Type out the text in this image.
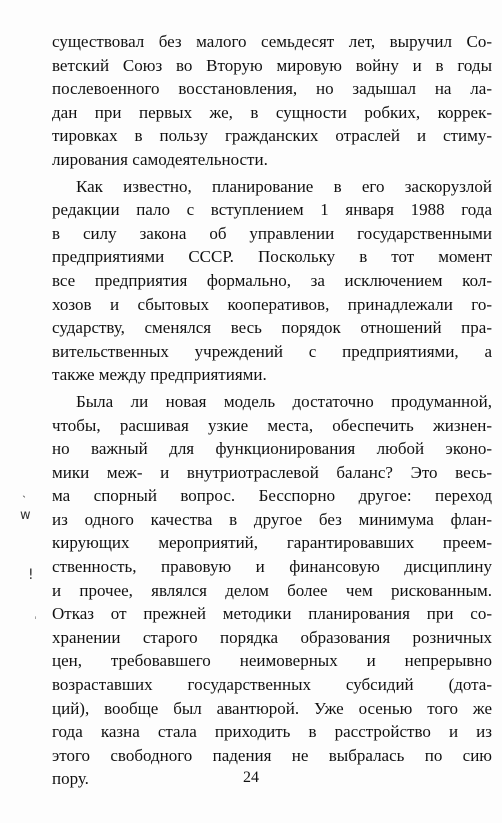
существовал без малого семьдесят лет, выручил Со-
ветский Союз во Вторую мировую войну и в годы
послевоенного восстановления, но задышал на ла-
дан при первых же, в сущности робких, коррек-
тировках в пользу гражданских отраслей и стиму-
лирования самодеятельности.

Как известно, планирование в его заскорузлой
редакции пало с вступлением 1 января 1988 года
в силу закона об управлении государственными
предприятиями СССР. Поскольку в тот момент
все предприятия формально, за исключением кол-
хозов и сбытовых кооперативов, принадлежали го-
сударству, сменялся весь порядок отношений пра-
вительственных учреждений с предприятиями, а
также между предприятиями.

Была ли новая модель достаточно продуманной,
чтобы, расшивая узкие места, обеспечить жизнен-
но важный для функционирования любой эконо-
мики меж- и внутриотраслевой баланс? Это весь-
ма спорный вопрос. Бесспорно другое: переход
из одного качества в другое без минимума флан-
кирующих мероприятий, гарантировавших преем-
ственность, правовую и финансовую дисциплину
и прочее, являлся делом более чем рискованным.
Отказ от прежней методики планирования при со-
хранении старого порядка образования розничных
цен, требовавшего неимоверных и непрерывно
возраставших государственных субсидий (дота-
ций), вообще был авантюрой. Уже осенью того же
года казна стала приходить в расстройство и из
этого свободного падения не выбралась по сию
пору.

˴
w
!
ˈ
24
